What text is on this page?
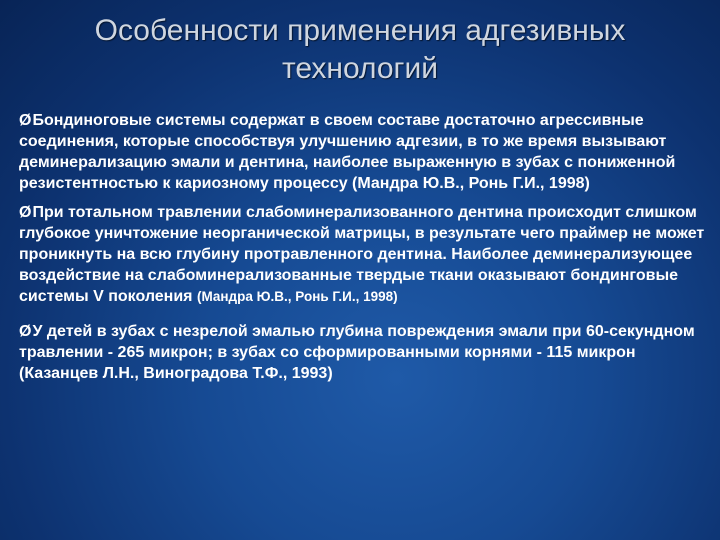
Особенности применения адгезивных
технологий

ØБондиноговые системы содержат в своем составе достаточно агрессивные соединения, которые способствуя улучшению адгезии, в то же время вызывают деминерализацию эмали и дентина, наиболее выраженную в зубах с пониженной резистентностью к кариозному процессу (Мандра Ю.В., Ронь Г.И., 1998)

ØПри тотальном травлении слабоминерализованного дентина происходит слишком глубокое уничтожение неорганической матрицы, в результате чего праймер не может проникнуть на всю глубину протравленного дентина. Наиболее деминерализующее воздействие на слабоминерализованные твердые ткани оказывают бондинговые системы V поколения (Мандра Ю.В., Ронь Г.И., 1998)

ØУ детей в зубах с незрелой эмалью глубина повреждения эмали при 60-секундном травлении - 265 микрон; в зубах со сформированными корнями - 115 микрон (Казанцев Л.Н., Виноградова Т.Ф., 1993)
